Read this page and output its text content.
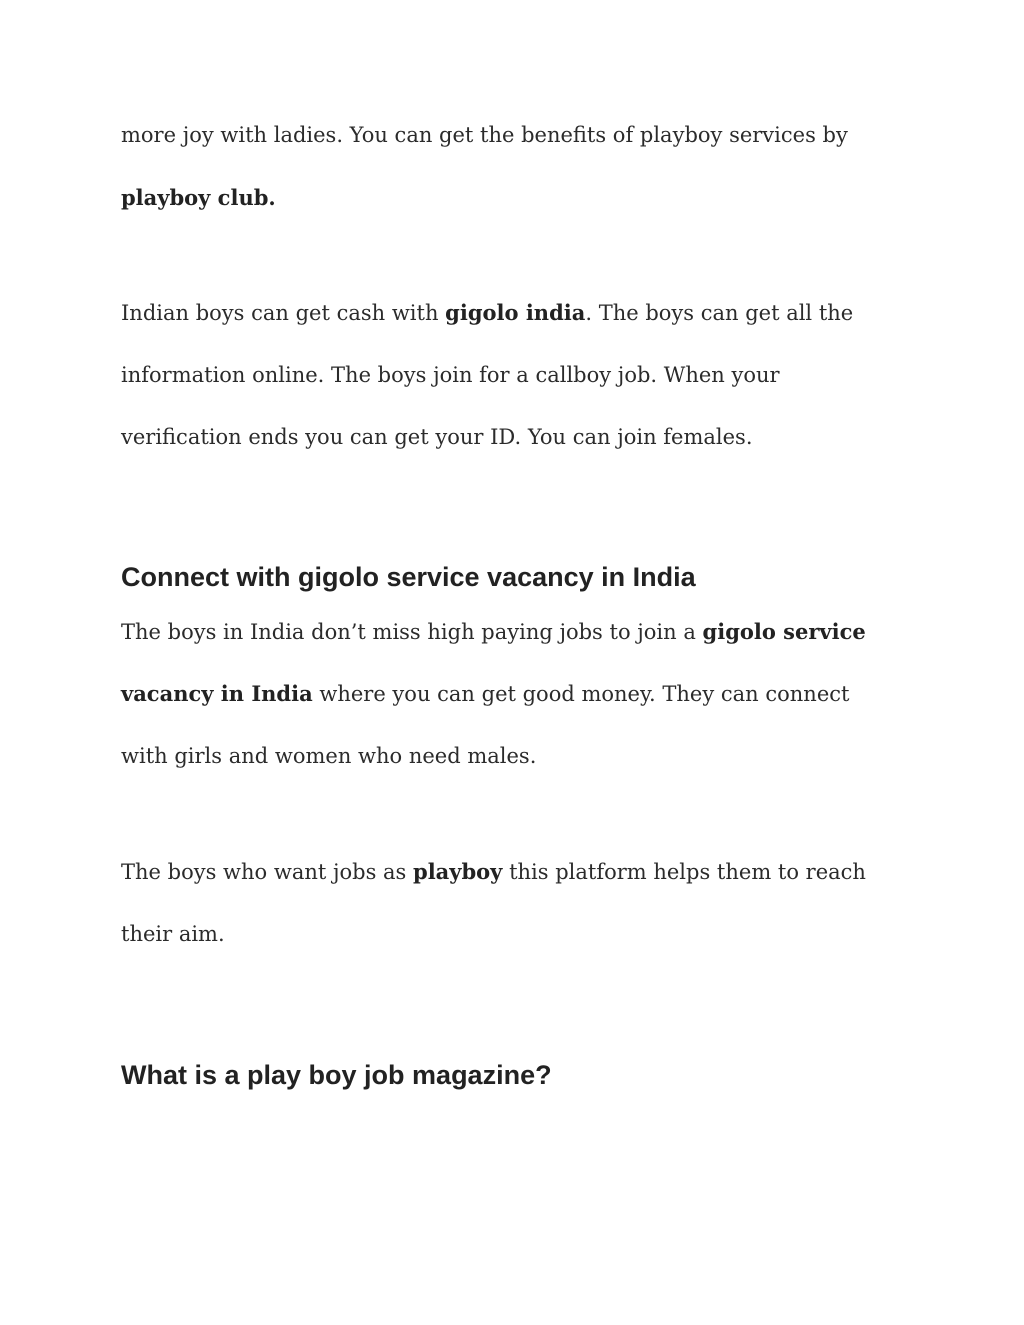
more joy with ladies. You can get the benefits of playboy services by

playboy club.

Indian boys can get cash with gigolo india. The boys can get all the

information online. The boys join for a callboy job. When your

verification ends you can get your ID. You can join females.

Connect with gigolo service vacancy in India

The boys in India don’t miss high paying jobs to join a gigolo service

vacancy in India where you can get good money. They can connect

with girls and women who need males.

The boys who want jobs as playboy this platform helps them to reach

their aim.

What is a play boy job magazine?
